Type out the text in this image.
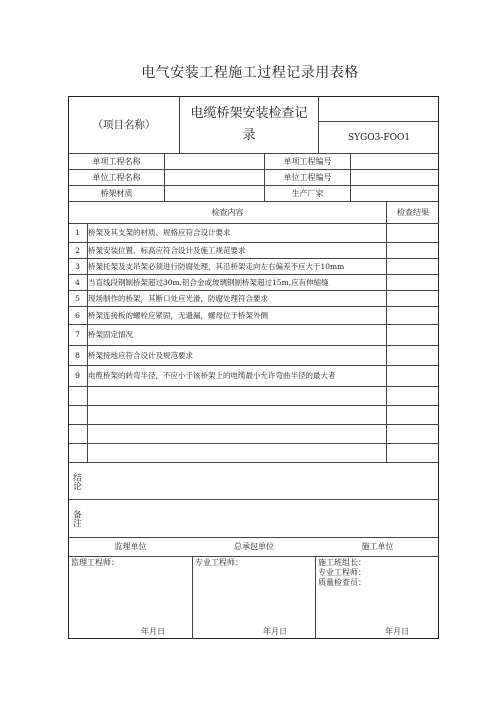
电气安装工程施工过程记录用表格
（项目名称）
电缆桥架安装检查记录	SYGO3-FOO1
单项工程名称	单项工程编号
单位工程名称	单位工程编号
桥架材质	生产厂家
检查内容	检查结果
1	桥架及其支架的材质、规格应符合设计要求
2	桥架安装位置、标高应符合设计及施工规范要求
3	桥架托架及支吊架必须进行防腐处理，其沿桥架走向左右偏差不应大于10mm
4	当直线段钢制桥架超过30m,铝合金或玻璃钢制桥架超过15m,应有伸缩缝
5	现场制作的桥架，其断口处应光滑，防腐处理符合要求
6	桥架连接板的螺栓应紧固，无遗漏，螺母位于桥架外侧
7	桥架固定情况
8	桥架接地应符合设计及规范要求
9	电缆桥架的转弯半径，不应小于该桥架上的电缆最小允许弯曲半径的最大者
结论
备注
监理单位	总承包单位	施工单位
监理工程师：
年月日
专业工程师：
年月日
施工班组长：
专业工程师：
质量检查员：
年月日
